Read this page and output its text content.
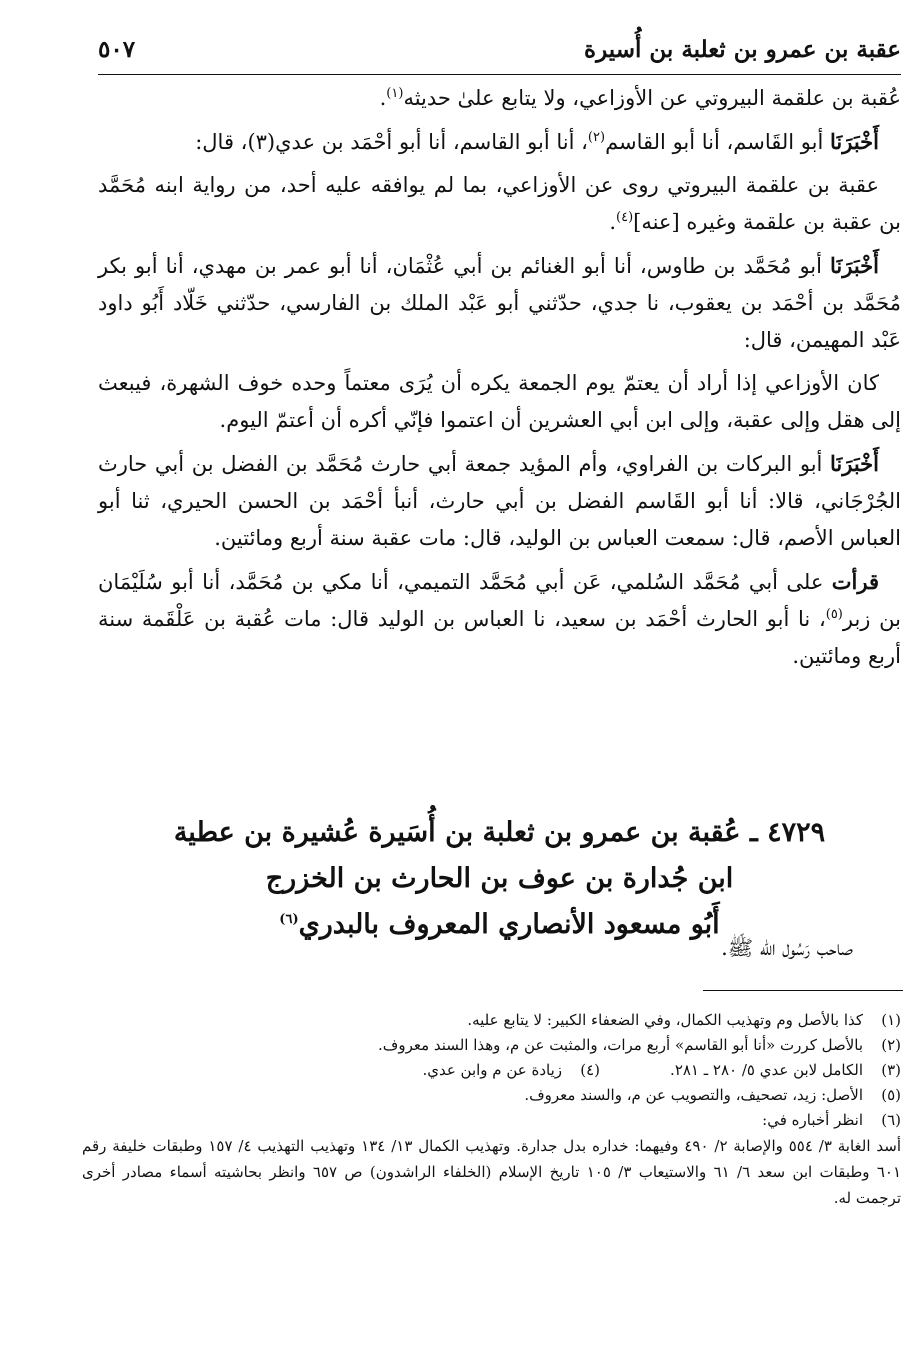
عقبة بن عمرو بن ثعلبة بن أُسيرة
٥٠٧

عُقبة بن علقمة البيروتي عن الأوزاعي، ولا يتابع علىٰ حديثه$^{(١)}$.

أَخْبَرَنَا أبو القَاسم، أنا أبو القاسم$^{(٢)}$، أنا أبو القاسم، أنا أبو أحْمَد بن عدي(٣)، قال:

عقبة بن علقمة البيروتي روى عن الأوزاعي، بما لم يوافقه عليه أحد، من رواية ابنه مُحَمَّد بن عقبة بن علقمة وغيره [عنه]$^{(٤)}$.

أَخْبَرَنَا أبو مُحَمَّد بن طاوس، أنا أبو الغنائم بن أبي عُثْمَان، أنا أبو عمر بن مهدي، أنا أبو بكر مُحَمَّد بن أحْمَد بن يعقوب، نا جدي، حدّثني أبو عَبْد الملك بن الفارسي، حدّثني خَلّاد أَبُو داود عَبْد المهيمن، قال:

كان الأوزاعي إذا أراد أن يعتمّ يوم الجمعة يكره أن يُرَى معتماً وحده خوف الشهرة، فيبعث إلى هقل وإلى عقبة، وإلى ابن أبي العشرين أن اعتموا فإنّي أكره أن أعتمّ اليوم.

أَخْبَرَنَا أبو البركات بن الفراوي، وأم المؤيد جمعة أبي حارث مُحَمَّد بن الفضل بن أبي حارث الجُرْجَاني، قالا: أنا أبو القَاسم الفضل بن أبي حارث، أنبأ أحْمَد بن الحسن الحيري، ثنا أبو العباس الأصم، قال: سمعت العباس بن الوليد، قال: مات عقبة سنة أربع ومائتين.

قرأت على أبي مُحَمَّد السُلمي، عَن أبي مُحَمَّد التميمي، أنا مكي بن مُحَمَّد، أنا أبو سُلَيْمَان بن زبر$^{(٥)}$، نا أبو الحارث أحْمَد بن سعيد، نا العباس بن الوليد قال: مات عُقبة بن عَلْقَمة سنة أربع ومائتين.

٤٧٢٩ ـ عُقبة بن عمرو بن ثعلبة بن أُسَيرة عُشيرة بن عطية
ابن جُدارة بن عوف بن الحارث بن الخزرج
أَبُو مسعود الأنصاري المعروف بالبدري$^{(٦)}$
صاحب رَسُول اللّه ﷺ.
(١)
كذا بالأصل وم وتهذيب الكمال، وفي الضعفاء الكبير: لا يتابع عليه.
(٢)
بالأصل كررت «أنا أبو القاسم» أربع مرات، والمثبت عن م، وهذا السند معروف.
(٣)
الكامل لابن عدي ٥/ ٢٨٠ ـ ٢٨١.
(٤)
زيادة عن م وابن عدي.
(٥)
الأصل: زيد، تصحيف، والتصويب عن م، والسند معروف.
(٦)
انظر أخباره في:
أسد الغابة ٣/ ٥٥٤ والإصابة ٢/ ٤٩٠ وفيهما: خداره بدل جدارة. وتهذيب الكمال ١٣/ ١٣٤ وتهذيب التهذيب ٤/ ١٥٧ وطبقات خليفة رقم ٦٠١ وطبقات ابن سعد ٦/ ٦١ والاستيعاب ٣/ ١٠٥ تاريخ الإسلام (الخلفاء الراشدون) ص ٦٥٧ وانظر بحاشيته أسماء مصادر أخرى ترجمت له.
